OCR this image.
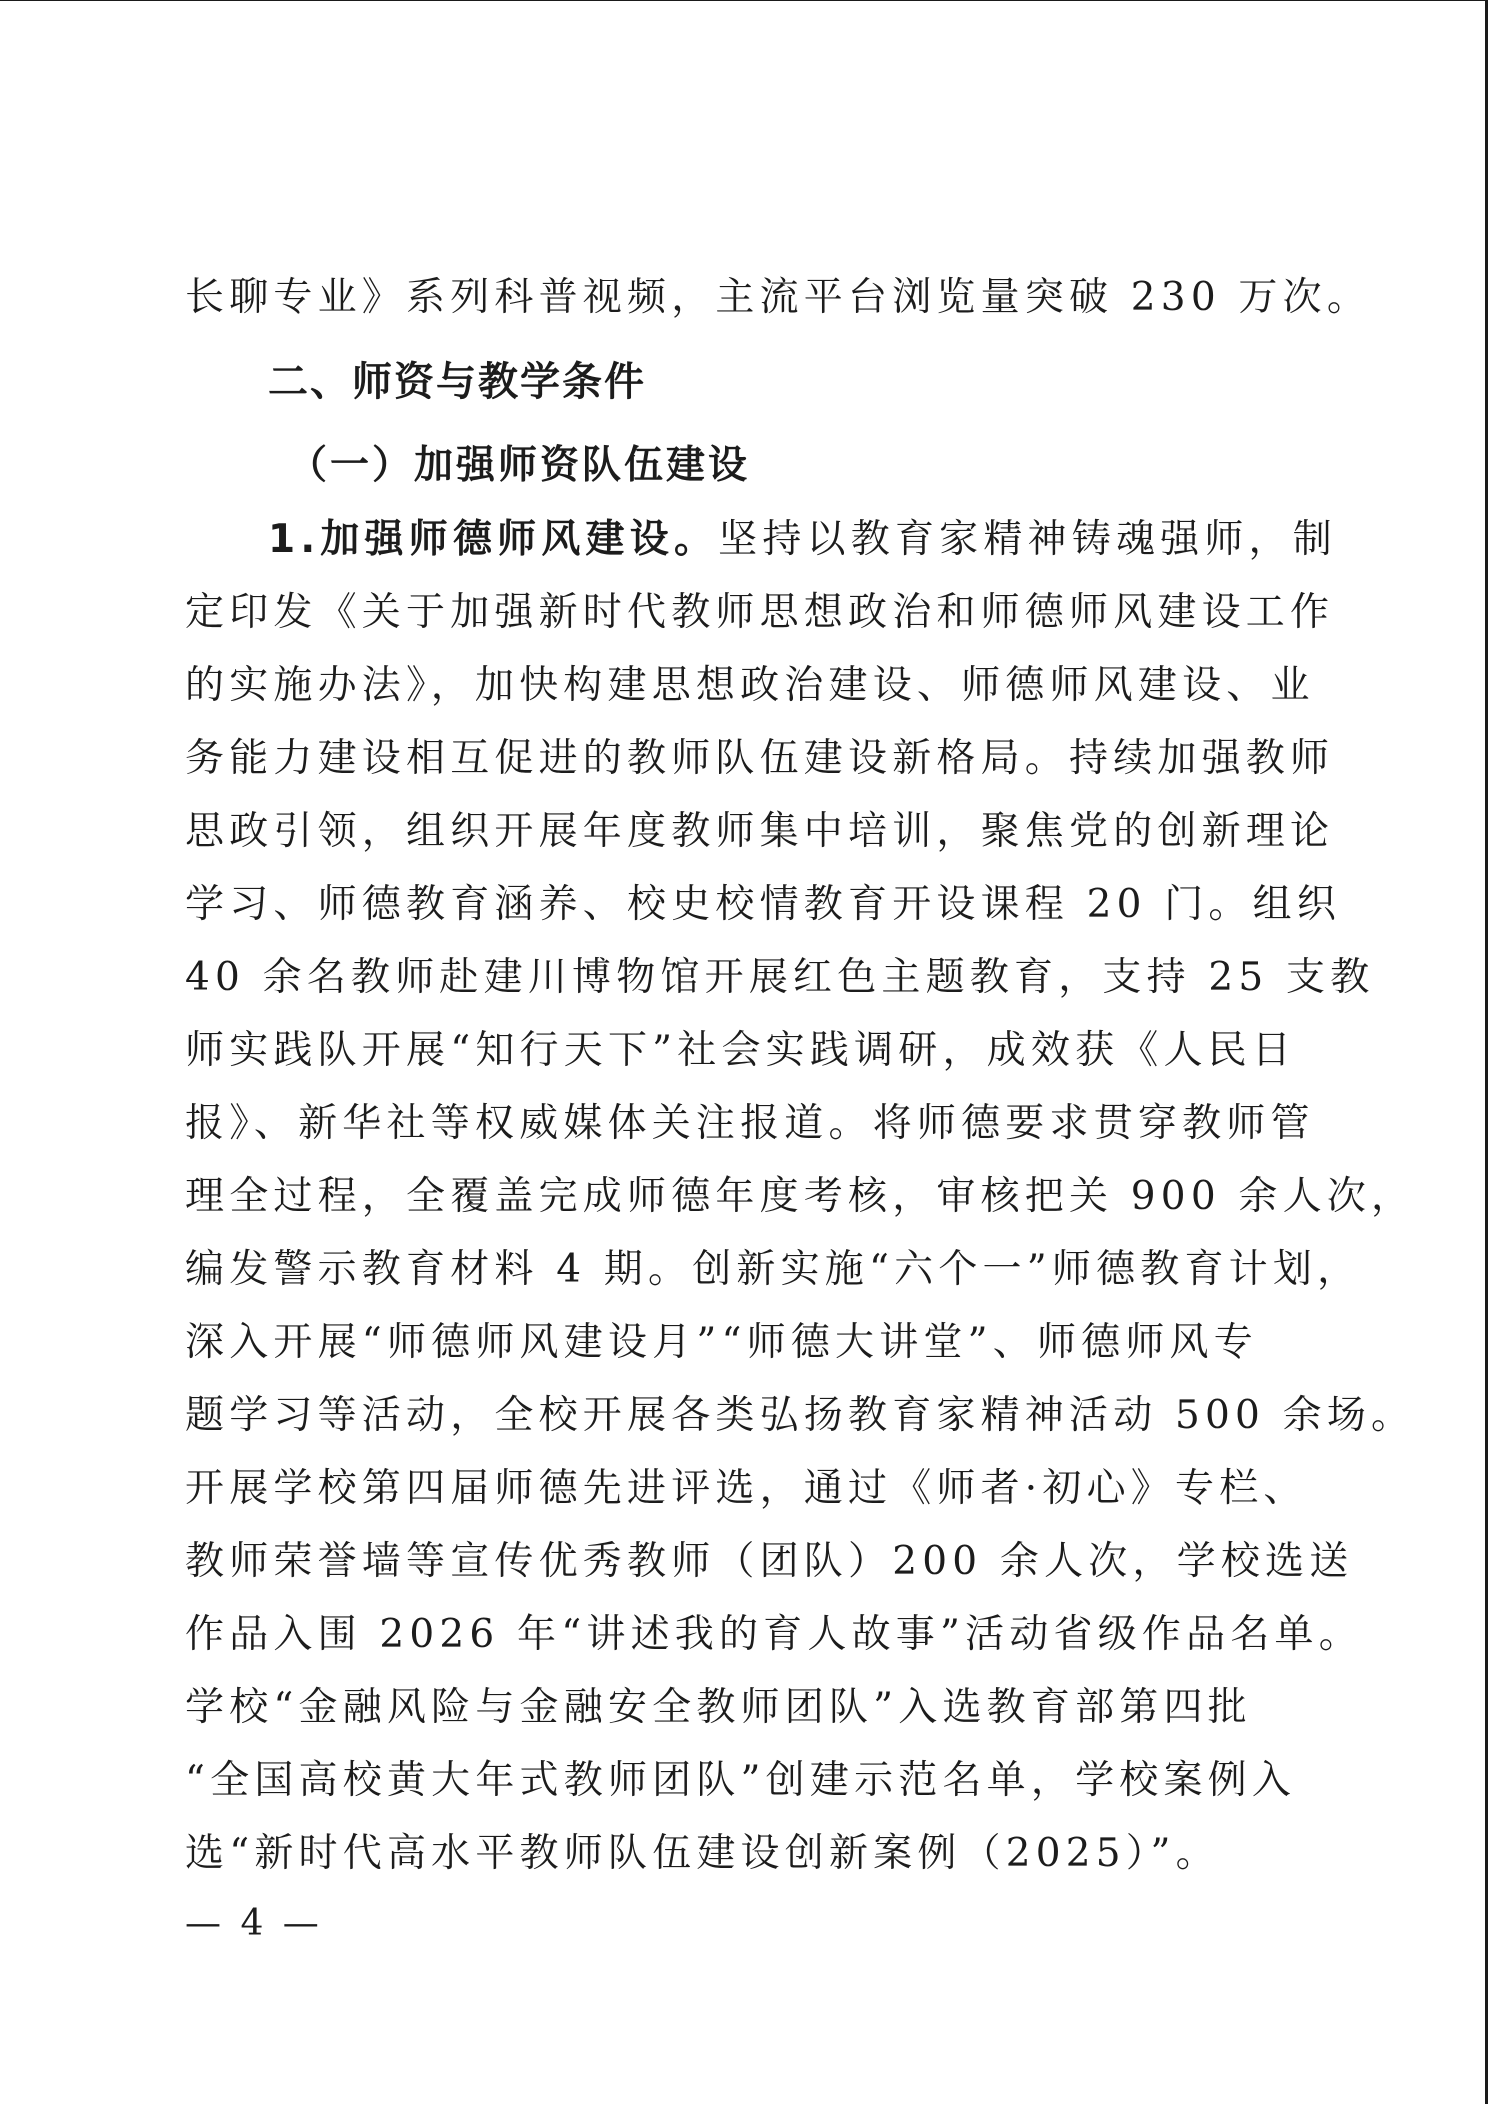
长聊专业》系列科普视频，主流平台浏览量突破 230 万次。
二、师资与教学条件
（一）加强师资队伍建设
1.加强师德师风建设。坚持以教育家精神铸魂强师，制
定印发《关于加强新时代教师思想政治和师德师风建设工作
的实施办法》，加快构建思想政治建设、师德师风建设、业
务能力建设相互促进的教师队伍建设新格局。持续加强教师
思政引领，组织开展年度教师集中培训，聚焦党的创新理论
学习、师德教育涵养、校史校情教育开设课程 20 门。组织
40 余名教师赴建川博物馆开展红色主题教育，支持 25 支教
师实践队开展“知行天下”社会实践调研，成效获《人民日
报》、新华社等权威媒体关注报道。将师德要求贯穿教师管
理全过程，全覆盖完成师德年度考核，审核把关 900 余人次，
编发警示教育材料 4 期。创新实施“六个一”师德教育计划，
深入开展“师德师风建设月”“师德大讲堂”、师德师风专
题学习等活动，全校开展各类弘扬教育家精神活动 500 余场。
开展学校第四届师德先进评选，通过《师者·初心》专栏、
教师荣誉墙等宣传优秀教师（团队）200 余人次，学校选送
作品入围 2026 年“讲述我的育人故事”活动省级作品名单。
学校“金融风险与金融安全教师团队”入选教育部第四批
“全国高校黄大年式教师团队”创建示范名单，学校案例入
选“新时代高水平教师队伍建设创新案例（2025）”。
— 4 —
